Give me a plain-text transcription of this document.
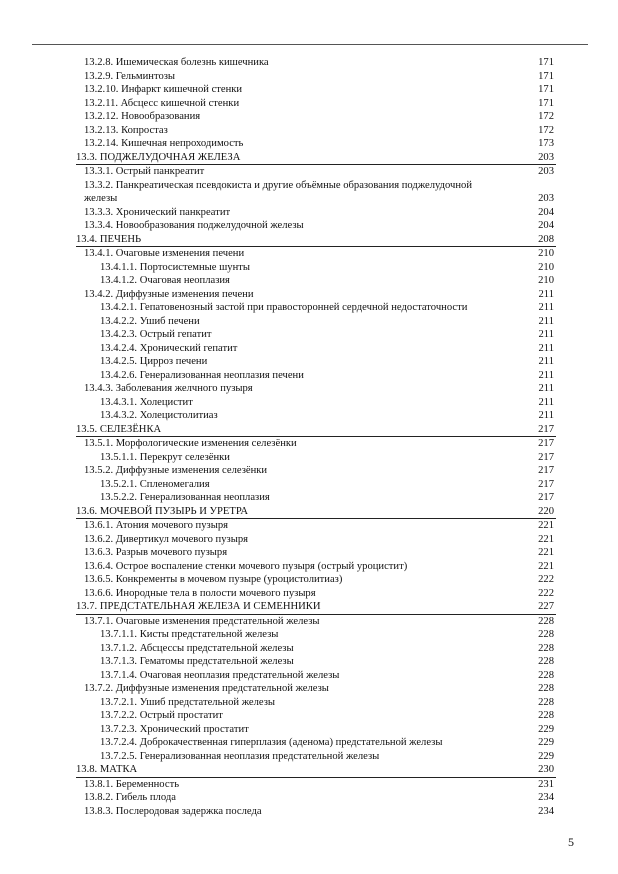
13.2.8. Ишемическая болезнь кишечника	171
13.2.9. Гельминтозы	171
13.2.10. Инфаркт кишечной стенки	171
13.2.11. Абсцесс кишечной стенки	171
13.2.12. Новообразования	172
13.2.13. Копростаз	172
13.2.14. Кишечная непроходимость	173
13.3. ПОДЖЕЛУДОЧНАЯ ЖЕЛЕЗА	203
13.3.1. Острый панкреатит	203
13.3.2. Панкреатическая псевдокиста и другие объёмные образования поджелудочной
железы	203
13.3.3. Хронический панкреатит	204
13.3.4. Новообразования поджелудочной железы	204
13.4. ПЕЧЕНЬ	208
13.4.1. Очаговые изменения печени	210
13.4.1.1. Портосистемные шунты	210
13.4.1.2. Очаговая неоплазия	210
13.4.2. Диффузные изменения печени	211
13.4.2.1. Гепатовенозный застой при правосторонней сердечной недостаточности	211
13.4.2.2. Ушиб печени	211
13.4.2.3. Острый гепатит	211
13.4.2.4. Хронический гепатит	211
13.4.2.5. Цирроз печени	211
13.4.2.6. Генерализованная неоплазия печени	211
13.4.3. Заболевания желчного пузыря	211
13.4.3.1. Холецистит	211
13.4.3.2. Холецистолитиаз	211
13.5. СЕЛЕЗЁНКА	217
13.5.1. Морфологические изменения селезёнки	217
13.5.1.1. Перекрут селезёнки	217
13.5.2. Диффузные изменения селезёнки	217
13.5.2.1. Спленомегалия	217
13.5.2.2. Генерализованная неоплазия	217
13.6. МОЧЕВОЙ ПУЗЫРЬ И УРЕТРА	220
13.6.1. Атония мочевого пузыря	221
13.6.2. Дивертикул мочевого пузыря	221
13.6.3. Разрыв мочевого пузыря	221
13.6.4. Острое воспаление стенки мочевого пузыря (острый уроцистит)	221
13.6.5. Конкременты в мочевом пузыре (уроцистолитиаз)	222
13.6.6. Инородные тела в полости мочевого пузыря	222
13.7. ПРЕДСТАТЕЛЬНАЯ ЖЕЛЕЗА И СЕМЕННИКИ	227
13.7.1. Очаговые изменения предстательной железы	228
13.7.1.1. Кисты предстательной железы	228
13.7.1.2. Абсцессы предстательной железы	228
13.7.1.3. Гематомы предстательной железы	228
13.7.1.4. Очаговая неоплазия предстательной железы	228
13.7.2. Диффузные изменения предстательной железы	228
13.7.2.1. Ушиб предстательной железы	228
13.7.2.2. Острый простатит	228
13.7.2.3. Хронический простатит	229
13.7.2.4. Доброкачественная гиперплазия (аденома) предстательной железы	229
13.7.2.5. Генерализованная неоплазия предстательной железы	229
13.8. МАТКА	230
13.8.1. Беременность	231
13.8.2. Гибель плода	234
13.8.3. Послеродовая задержка последа	234
5
